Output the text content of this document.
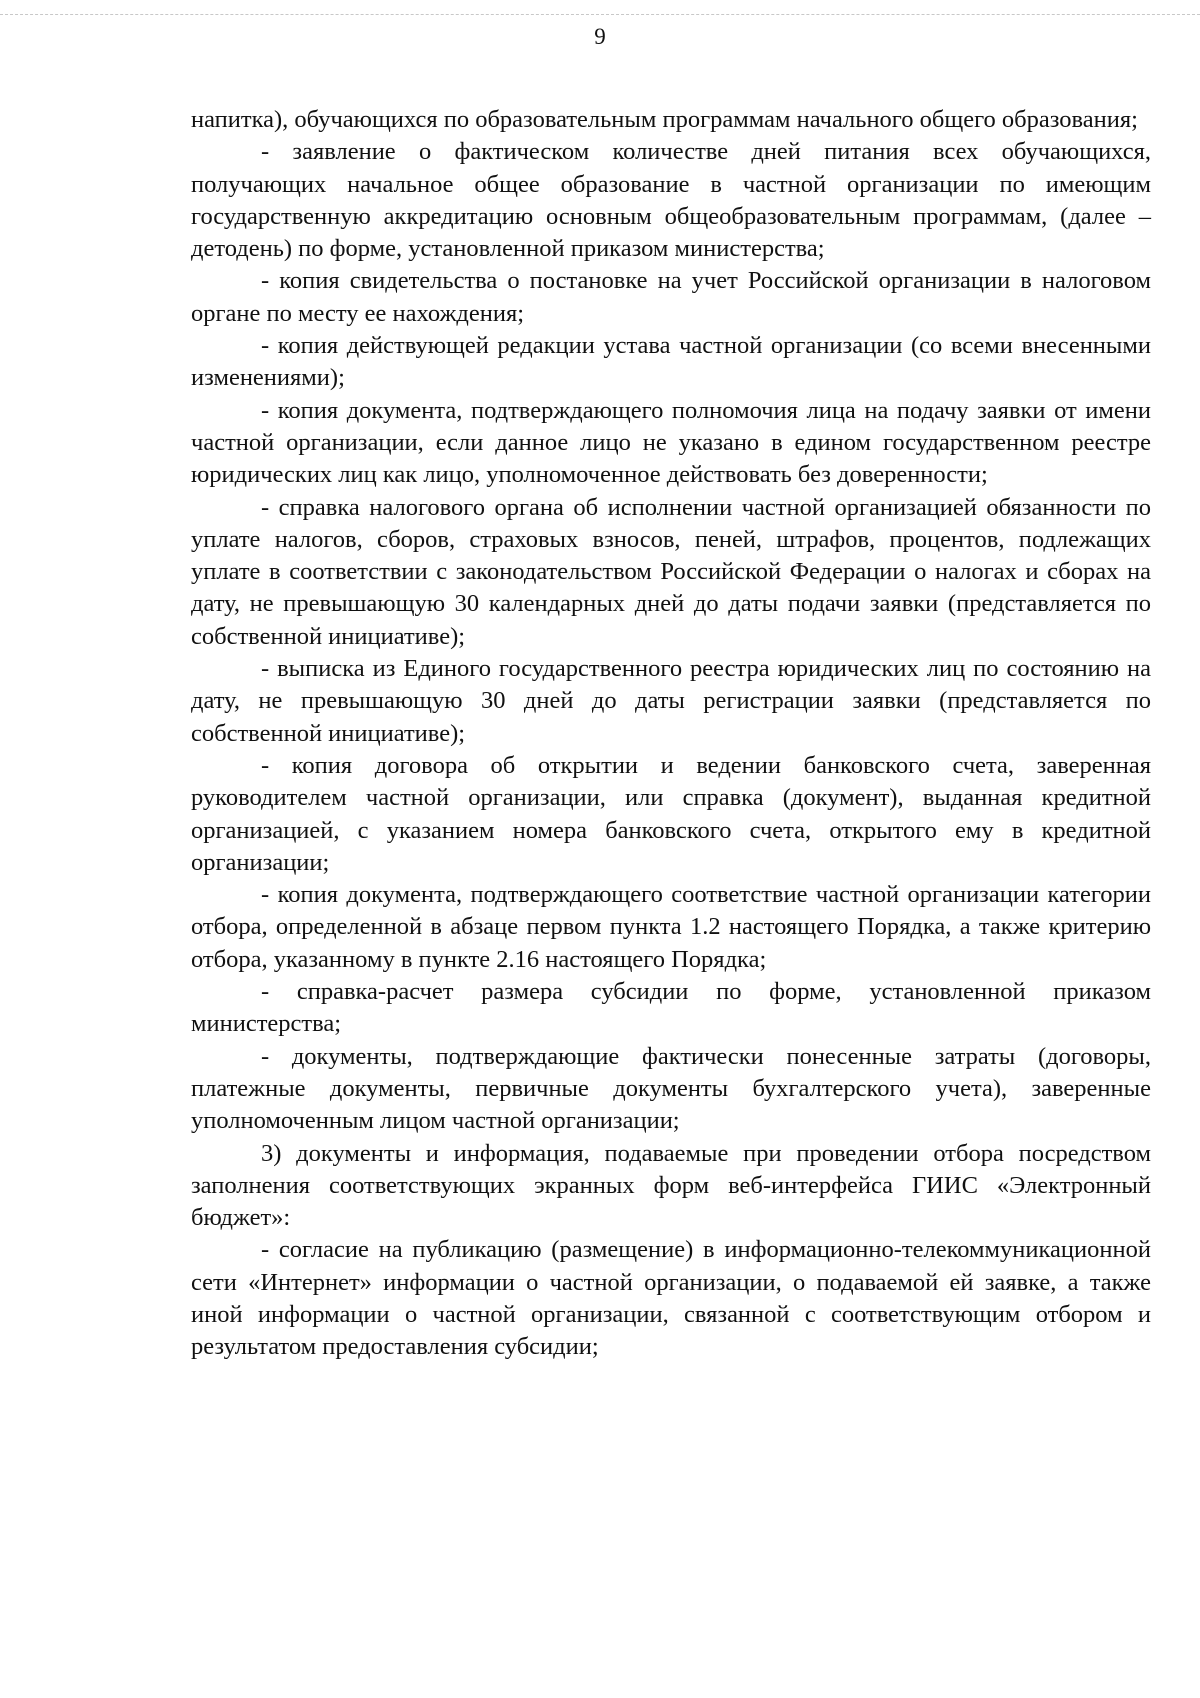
9

напитка), обучающихся по образовательным программам начального общего образования;

- заявление о фактическом количестве дней питания всех обучающихся, получающих начальное общее образование в частной организации по имеющим государственную аккредитацию основным общеобразовательным программам, (далее – детодень) по форме, установленной приказом министерства;

- копия свидетельства о постановке на учет Российской организации в налоговом органе по месту ее нахождения;

- копия действующей редакции устава частной организации (со всеми внесенными изменениями);

- копия документа, подтверждающего полномочия лица на подачу заявки от имени частной организации, если данное лицо не указано в едином государственном реестре юридических лиц как лицо, уполномоченное действовать без доверенности;

- справка налогового органа об исполнении частной организацией обязанности по уплате налогов, сборов, страховых взносов, пеней, штрафов, процентов, подлежащих уплате в соответствии с законодательством Российской Федерации о налогах и сборах на дату, не превышающую 30 календарных дней до даты подачи заявки (представляется по собственной инициативе);

- выписка из Единого государственного реестра юридических лиц по состоянию на дату, не превышающую 30 дней до даты регистрации заявки (представляется по собственной инициативе);

- копия договора об открытии и ведении банковского счета, заверенная руководителем частной организации, или справка (документ), выданная кредитной организацией, с указанием номера банковского счета, открытого ему в кредитной организации;

- копия документа, подтверждающего соответствие частной организации категории отбора, определенной в абзаце первом пункта 1.2 настоящего Порядка, а также критерию отбора, указанному в пункте 2.16 настоящего Порядка;

- справка-расчет размера субсидии по форме, установленной приказом министерства;

- документы, подтверждающие фактически понесенные затраты (договоры, платежные документы, первичные документы бухгалтерского учета), заверенные уполномоченным лицом частной организации;

3) документы и информация, подаваемые при проведении отбора посредством заполнения соответствующих экранных форм веб-интерфейса ГИИС «Электронный бюджет»:

- согласие на публикацию (размещение) в информационно-телекоммуникационной сети «Интернет» информации о частной организации, о подаваемой ей заявке, а также иной информации о частной организации, связанной с соответствующим отбором и результатом предоставления субсидии;
